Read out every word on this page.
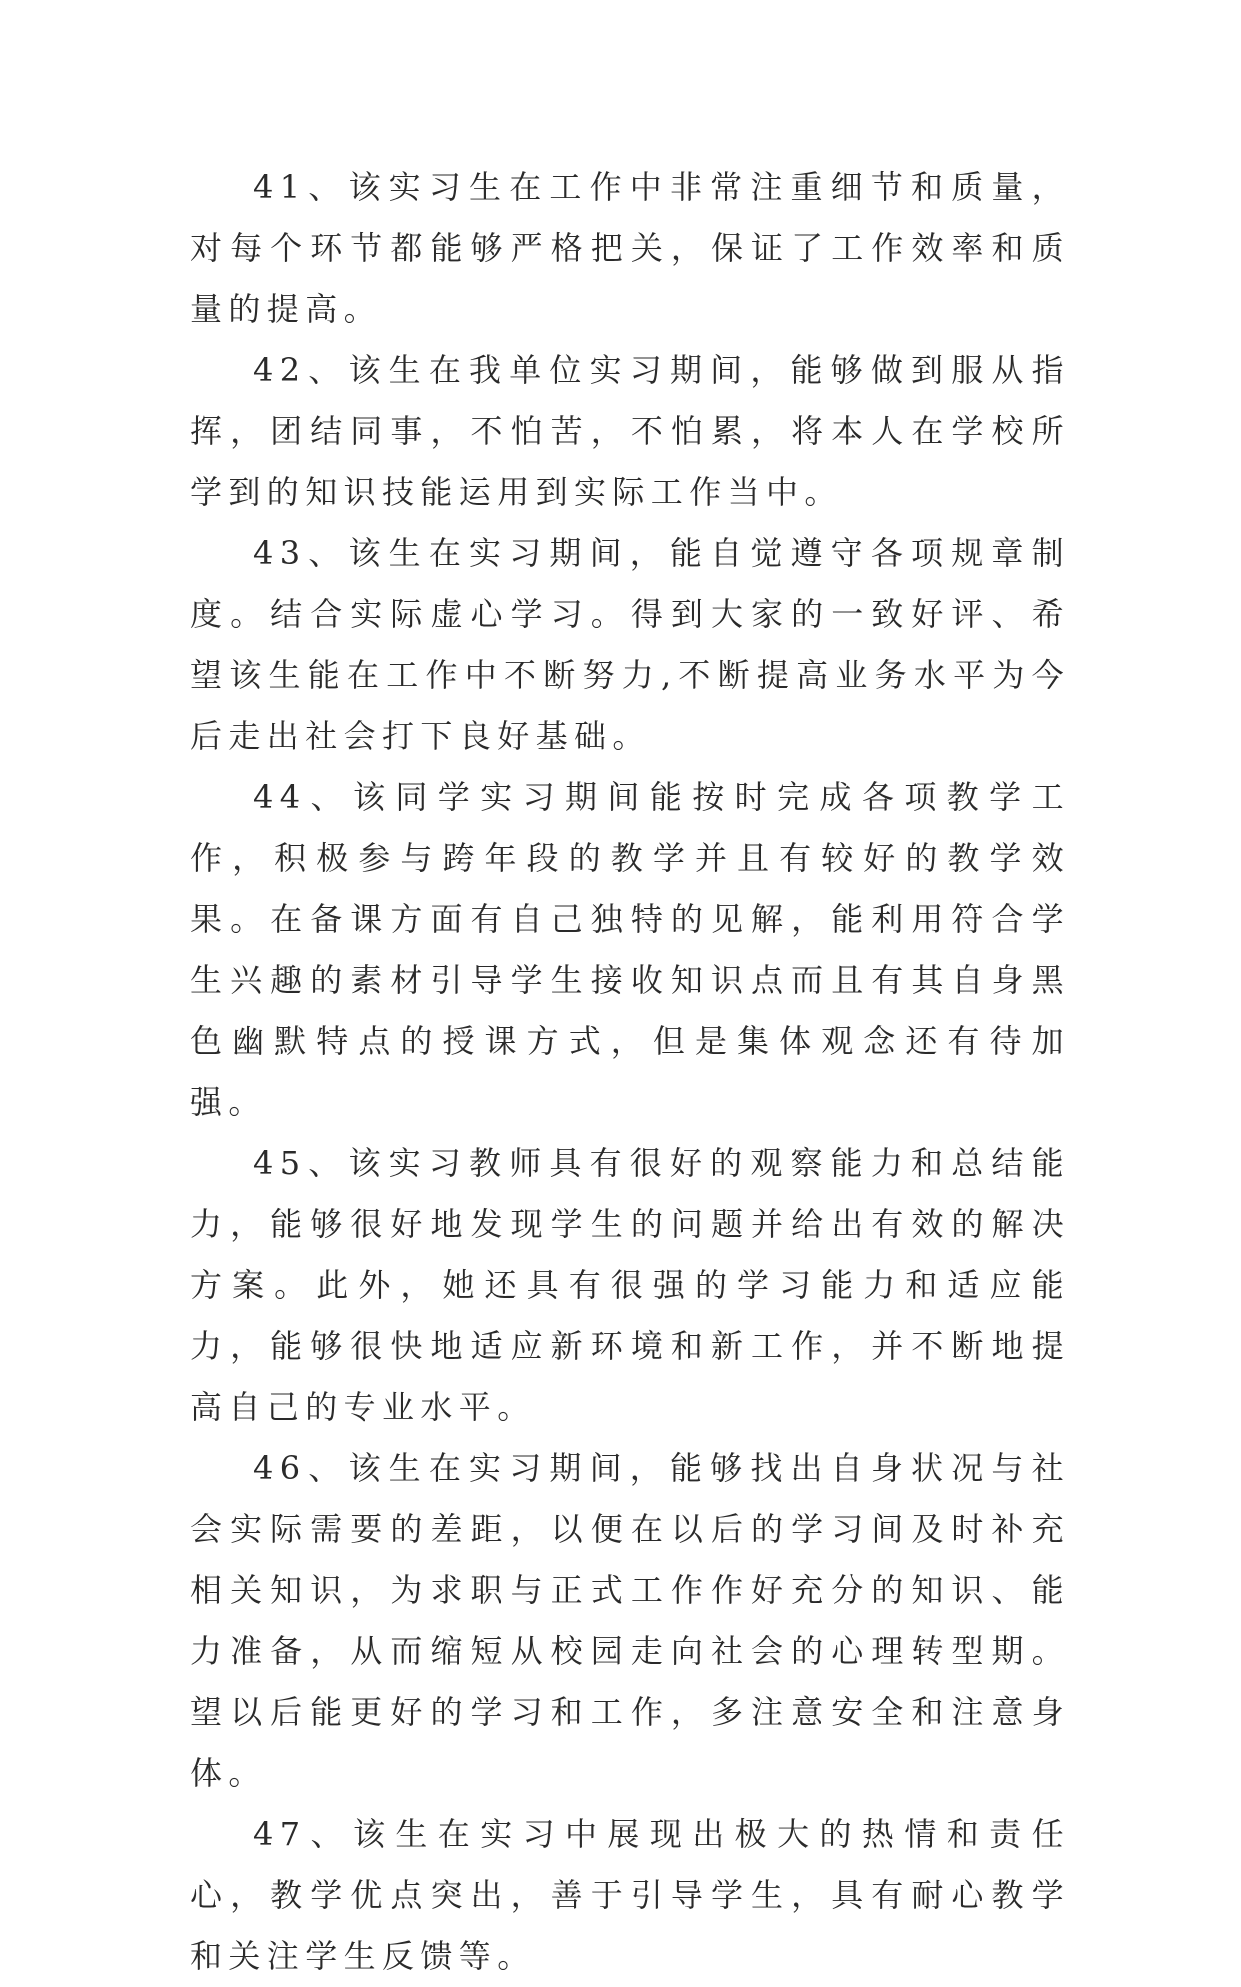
41、该实习生在工作中非常注重细节和质量，对每个环节都能够严格把关，保证了工作效率和质量的提高。

42、该生在我单位实习期间，能够做到服从指挥，团结同事，不怕苦，不怕累，将本人在学校所学到的知识技能运用到实际工作当中。

43、该生在实习期间，能自觉遵守各项规章制度。结合实际虚心学习。得到大家的一致好评、希望该生能在工作中不断努力,不断提高业务水平为今后走出社会打下良好基础。

44、该同学实习期间能按时完成各项教学工作，积极参与跨年段的教学并且有较好的教学效果。在备课方面有自己独特的见解，能利用符合学生兴趣的素材引导学生接收知识点而且有其自身黑色幽默特点的授课方式，但是集体观念还有待加强。

45、该实习教师具有很好的观察能力和总结能力，能够很好地发现学生的问题并给出有效的解决方案。此外，她还具有很强的学习能力和适应能力，能够很快地适应新环境和新工作，并不断地提高自己的专业水平。

46、该生在实习期间，能够找出自身状况与社会实际需要的差距，以便在以后的学习间及时补充相关知识，为求职与正式工作作好充分的知识、能力准备，从而缩短从校园走向社会的心理转型期。望以后能更好的学习和工作，多注意安全和注意身体。

47、该生在实习中展现出极大的热情和责任心，教学优点突出，善于引导学生，具有耐心教学和关注学生反馈等。
